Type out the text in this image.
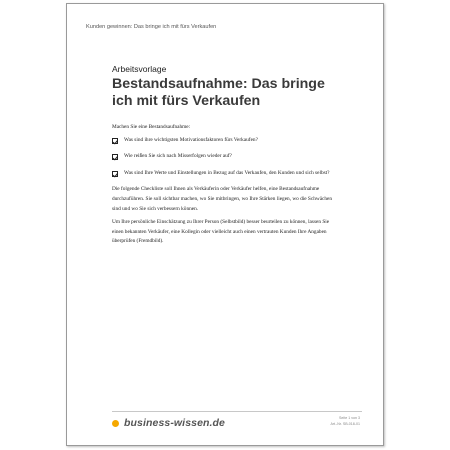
Kunden gewinnen: Das bringe ich mit fürs Verkaufen
Arbeitsvorlage
Bestandsaufnahme: Das bringe ich mit fürs Verkaufen

Machen Sie eine Bestandsaufnahme:

Was sind ihre wichtigsten Motivationsfaktoren fürs Verkaufen?
Wie reißen Sie sich nach Misserfolgen wieder auf?
Was sind Ihre Werte und Einstellungen in Bezug auf das Verkaufen, den Kunden und sich selbst?

Die folgende Checkliste soll Ihnen als Verkäuferin oder Verkäufer helfen, eine Bestandsaufnahme durchzuführen. Sie soll sichtbar machen, wo Sie mitbringen, wo Ihre Stärken liegen, wo die Schwächen sind und wo Sie sich verbessern können.

Um Ihre persönliche Einschätzung zu Ihrer Person (Selbstbild) besser beurteilen zu können, lassen Sie einen bekannten Verkäufer, eine Kollegin oder vielleicht auch einen vertrauten Kunden Ihre Angaben überprüfen (Fremdbild).

business-wissen.de	Seite 1 von 3
Art.-Nr. SB-018-01
